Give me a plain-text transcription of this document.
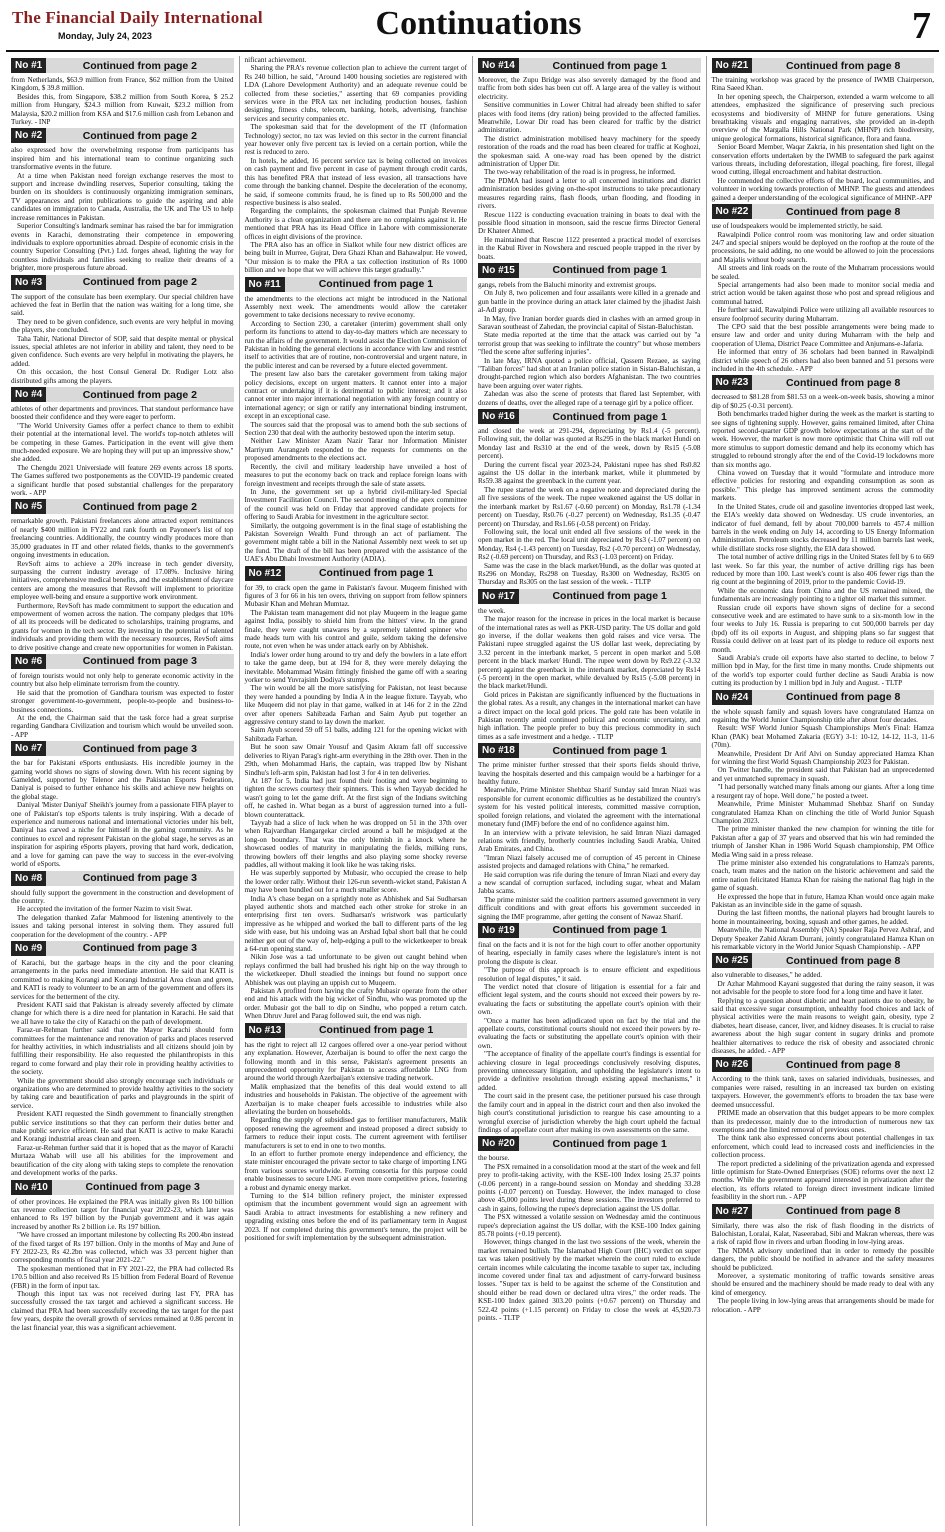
The Financial Daily International
Monday, July 24, 2023	Continuations	7
No #1	Continued from page 2

from Netherlands, $63.9 million from France, $62 million from the United Kingdom, $ 39.8 million.

Besides this, from Singapore, $38.2 million from South Korea, $ 25.2 million from Hungary, $24.3 million from Kuwait, $23.2 million from Malaysia, $20.2 million from KSA and $17.6 million cash from Lebanon and Turkey. - INP

No #2	Continued from page 2

also expressed how the overwhelming response from participants has inspired him and his international team to continue organizing such transformative events in the future.

At a time when Pakistan need foreign exchange reserves the most to support and increase dwindling reserves, Superior consulting, taking the burden on its shoulders is continuously organizing immigration seminars, TV appearances and print publications to guide the aspiring and able candidates on immigration to Canada, Australia, the UK and The US to help increase remittances in Pakistan.

Superior Consulting's landmark seminar has raised the bar for immigration events in Karachi, demonstrating their competence in empowering individuals to explore opportunities abroad. Despite of economic crisis in the country Superior Consulting (Pvt.) Ltd. forges ahead, lighting the way for countless individuals and families seeking to realize their dreams of a brighter, more prosperous future abroad.

No #3	Continued from page 2

The support of the consulate has been exemplary. Our special children have achieved the feat in Berlin that the nation was waiting for a long time, she said.

They need to be given confidence, such events are very helpful in moving the players, she concluded.

Taha Tahir, National Director of SOP, said that despite mental or physical issues, special athletes are not inferior in ability and talent, they need to be given confidence. Such events are very helpful in motivating the players, he added.

On this occasion, the host Consul General Dr. Rudiger Lotz also distributed gifts among the players.

No #4	Continued from page 2

athletes of other departments and provinces. That standout performance have boosted their confidence and they were eager to perform.

"The World University Games offer a perfect chance to them to exhibit their potential at the international level. The world's top-notch athletes will be competing in these Games. Participation in the event will give them much-needed exposure. We are hoping they will put up an impressive show," she added.

The Chengdu 2021 Universiade will feature 269 events across 18 sports. The Games suffered two postponements as the COVID-19 pandemic created a significant hurdle that posed substantial challenges for the preparatory work. - APP

No #5	Continued from page 2

remarkable growth. Pakistani freelancers alone attracted export remittances of nearly $400 million in FY22 and rank fourth on Payoneer's list of top freelancing countries. Additionally, the country windly produces more than 35,000 graduates in IT and other related fields, thanks to the government's ongoing investments in education.

RevSoft aims to achieve a 20% increase in tech gender diversity, surpassing the current industry average of 17.08%. Inclusive hiring initiatives, comprehensive medical benefits, and the establishment of daycare centers are among the measures that Revsoft will implement to prioritize employee well-being and ensure a supportive work environment.

Furthermore, RevSoft has made commitment to support the education and empowerment of women across the nation. The company pledges that 10% of all its proceeds will be dedicated to scholarships, training programs, and grants for women in the tech sector. By investing in the potential of talented individuals and providing them with the necessary resources, RevSoft aims to drive positive change and create new opportunities for women in Pakistan.

No #6	Continued from page 3

of foreign tourists would not only help to generate economic activity in the country but also help eliminate terrorism from the country.

He said that the promotion of Gandhara tourism was expected to foster stronger government-to-government, people-to-people and business-to-business connections.

At the end, the Chairman said that the task force had a great surprise regarding Gandhara Civilization and tourism which would be unveiled soon. - APP

No #7	Continued from page 3

the bar for Pakistani eSports enthusiasts. His incredible journey in the gaming world shows no signs of slowing down. With his recent signing by Gamelded, supported by Telenor and the Pakistan Esports Federation, Daniyal is poised to further enhance his skills and achieve new heights on the global stage.

Daniyal 'Mister Daniyal' Sheikh's journey from a passionate FIFA player to one of Pakistan's top eSports talents is truly inspiring. With a decade of experience and numerous national and international victories under his belt, Daniyal has carved a niche for himself in the gaming community. As he continues to excel and represent Pakistan on the global stage, he serves as an inspiration for aspiring eSports players, proving that hard work, dedication, and a love for gaming can pave the way to success in the ever-evolving world of eSports.

No #8	Continued from page 3

should fully support the government in the construction and development of the country.

He accepted the invitation of the former Nazim to visit Swat.

The delegation thanked Zafar Mahmood for listening attentively to the issues and taking personal interest in solving them. They assured full cooperation for the development of the country. - APP

No #9	Continued from page 3

of Karachi, but the garbage heaps in the city and the poor cleaning arrangements in the parks need immediate attention. He said that KATI is committed to making Korangi and Korangi Industrial Area clean and green, and KATI is ready to volunteer to be an arm of the government and offers its services for the betterment of the city.

President KATI said that Pakistan is already severely affected by climate change for which there is a dire need for plantation in Karachi. He said that we all have to take the city of Karachi on the path of development.

Faraz-ur-Rehman further said that the Mayor Karachi should form committees for the maintenance and renovation of parks and places reserved for healthy activities, in which industrialists and all citizens should join by fulfilling their responsibility. He also requested the philanthropists in this regard to come forward and play their role in providing healthy activities to the society.

While the government should also strongly encourage such individuals or organizations who are determined to provide healthy activities to the society by taking care and beautification of parks and playgrounds in the spirit of service.

President KATI requested the Sindh government to financially strengthen public service institutions so that they can perform their duties better and make public service efficient. He said that KATI is active to make Karachi and Korangi industrial areas clean and green.

Faraz-ur-Rehman further said that it is hoped that as the mayor of Karachi Murtaza Wahab will use all his abilities for the improvement and beautification of the city along with taking steps to complete the renovation and development works of the parks.

No #10	Continued from page 3

of other provinces. He explained the PRA was initially given Rs 100 billion tax revenue collection target for financial year 2022-23, which later was enhanced to Rs 197 billion by the Punjab government and it was again increased by another Rs 2 billion i.e. Rs 197 billion.

"We have crossed an important milestone by collecting Rs 200.4bn instead of the fixed target of Rs 197 billion. Only in the months of May and June of FY 2022-23, Rs 42.2bn was collected, which was 33 percent higher than corresponding months of fiscal year 2021-22."

The spokesman mentioned that in FY 2021-22, the PRA had collected Rs 170.5 billion and also received Rs 15 billion from Federal Board of Revenue (FBR) in the form of input tax.

Though this input tax was not received during last FY, PRA has successfully crossed the tax target and achieved a significant success. He claimed that PRA had been successfully exceeding the tax target for the past few years, despite the overall growth of services remained at 0.86 percent in the last financial year, this was a significant achievement.

nificant achievement.

Sharing the PRA's revenue collection plan to achieve the current target of Rs 240 billion, he said, "Around 1400 housing societies are registered with LDA (Lahore Development Authority) and an adequate revenue could be collected from these societies," asserting that 69 companies providing services were in the PRA tax net including production houses, fashion designing, fitness clubs, telecom, banking, hotels, advertising, franchise services and security companies etc.

The spokesman said that for the development of the IT (Information Technology) sector, no tax was levied on this sector in the current financial year however only five percent tax is levied on a certain portion, while the rest is reduced to zero.

In hotels, he added, 16 percent service tax is being collected on invoices on cash payment and five percent in case of payment through credit cards, this has benefited PRA that instead of less evasion, all transactions have come through the banking channel. Despite the deceleration of the economy, he said, if someone commits fraud, he is fined up to Rs 500,000 and the respective business is also sealed.

Regarding the complaints, the spokesman claimed that Punjab Revenue Authority is a clean organization and there are no complaints against it. He mentioned that PRA has its Head Office in Lahore with commissionerate offices in eight divisions of the province.

The PRA also has an office in Sialkot while four new district offices are being built in Murree, Gujrat, Dera Ghazi Khan and Bahawalpur. He vowed, "Our mission is to make the PRA a tax collection institution of Rs 1000 billion and we hope that we will achieve this target gradually."

No #11	Continued from page 1

the amendments to the elections act might be introduced in the National Assembly next week. The amendments would allow the caretaker government to take decisions necessary to revive economy.

According to Section 230, a caretaker (interim) government shall only perform its functions to attend to day-to-day matters which are necessary to run the affairs of the government. It would assist the Election Commission of Pakistan in holding the general elections in accordance with law and restrict itself to activities that are of routine, non-controversial and urgent nature, in the public interest and can be reversed by a future elected government.

The present law also bars the caretaker government from taking major policy decisions, except on urgent matters. It cannot enter into a major contract or undertaking if it is detrimental to public interest; and it also cannot enter into major international negotiation with any foreign country or international agency; or sign or ratify any international binding instrument, except in an exceptional case.

The sources said that the proposal was to amend both the sub sections of Section 230 that deal with the authority bestowed upon the interim setup.

Neither Law Minister Azam Nazir Tarar nor Information Minister Marriyum Aurangzeb responded to the requests for comments on the proposed amendments to the elections act.

Recently, the civil and military leadership have unveiled a host of measures to put the economy back on track and replace foreign loans with foreign investment and receipts through the sale of state assets.

In June, the government set up a hybrid civil-military-led Special Investment Facilitation Council. The second meeting of the apex committee of the council was held on Friday that approved candidate projects for offering to Saudi Arabia for investment in the agriculture sector.

Similarly, the outgoing government is in the final stage of establishing the Pakistan Sovereign Wealth Fund through an act of parliament. The government might table a bill in the National Assembly next week to set up the fund. The draft of the bill has been prepared with the assistance of the UAE's Abu Dhabi Investment Authority (ADIA).

No #12	Continued from page 1

for 39, to crack open the game in Pakistan's favour. Muqeem finished with figures of 3 for 66 in his ten overs, thriving on support from fellow spinners Mubasir Khan and Mehran Mumtaz.

The Pakistan team management did not play Muqeem in the league game against India, possibly to shield him from the hitters' view. In the grand finale, they were caught unawares by a supremely talented spinner who made heads turn with his control and guile, seldom taking the defensive route, not even when he was under attack early on by Abhishek.

India's lower order hung around to try and defy the bowlers in a late effort to take the game deep, but at 194 for 8, they were merely delaying the inevitable. Mohammad Wasim fittingly finished the game off with a searing yorker to send Yuvrajsinh Dodiya's stumps.

The win would be all the more satisfying for Pakistan, not least because they were handed a pounding by India A in the league fixture. Tayyab, who like Muqeem did not play in that game, walked in at 146 for 2 in the 22nd over after openers Sahibzada Farhan and Saim Ayub put together an aggressive century stand to lay down the marker.

Saim Ayub scored 59 off 51 balls, adding 121 for the opening wicket with Sahibzada Farhan.

But he soon saw Omair Yousuf and Qasim Akram fall off successive deliveries to Riyan Parag's right-arm everything in the 28th over. Then in the 29th, when Mohammad Haris, the captain, was trapped lbw by Nishant Sindhu's left-arm spin, Pakistan had lost 3 for 4 in ten deliveries.

At 187 for 5, India had just found their footing and were beginning to tighten the screws courtesy their spinners. This is when Tayyab decided he wasn't going to let the game drift. At the first sign of the Indians switching off, he cashed in. What began as a burst of aggression turned into a full-blown counterattack.

Tayyab had a slice of luck when he was dropped on 51 in the 37th over when Rajvardhan Hangargekar circled around a ball he misjudged at the long-on boundary. That was the only blemish in a knock where he showcased oodles of maturity in manipulating the fields, milking runs, throwing bowlers off their lengths and also playing some shocky reverse paddles, all without making it look like he was taking risks.

He was superbly supported by Mubasir, who occupied the crease to help the lower order rally. Without their 126-run seventh-wicket stand, Pakistan A may have been bundled out for a much smaller score.

India A's chase began on a sprightly note as Abhishek and Sai Sudharsan played authentic shots and matched each other stroke for stroke in an enterprising first ten overs. Sudharsan's wristwork was particularly impressive as he whipped and worked the ball to different parts of the leg side with ease, but his undoing was an Arshad Iqbal short ball that he could neither get out of the way of, help-edging a pull to the wicketkeeper to break a 64-run opening stand.

Nikin Jose was a tad unfortunate to be given out caught behind when replays confirmed the ball had brushed his right hip on the way through to the wicketkeeper. Dhull steadied the innings but found no support once Abhishek was out playing an uppish cut to Muqeem.

Pakistan A profited from having the crafty Mubasir operate from the other end and his attack with the big wicket of Sindhu, who was promoted up the order. Mubasir got the ball to dip on Sindhu, who popped a return catch. When Dhruv Jurel and Parag followed suit, the end was nigh.

No #13	Continued from page 1

has the right to reject all 12 cargoes offered over a one-year period without any explanation. However, Azerbaijan is bound to offer the next cargo the following month and in this sense, Pakistan's agreement presents an unprecedented opportunity for Pakistan to access affordable LNG from around the world through Azerbaijan's extensive trading network.

Malik emphasized that the benefits of this deal would extend to all industries and households in Pakistan. The objective of the agreement with Azerbaijan is to make cheaper fuels accessible to industries while also alleviating the burden on households.

Regarding the supply of subsidised gas to fertiliser manufacturers, Malik opposed renewing the agreement and instead proposed a direct subsidy to farmers to reduce their input costs. The current agreement with fertiliser manufacturers is set to end in one to two months.

In an effort to further promote energy independence and efficiency, the state minister encouraged the private sector to take charge of importing LNG from various sources worldwide. Forming consortia for this purpose could enable businesses to secure LNG at even more competitive prices, fostering a robust and dynamic energy market.

Turning to the $14 billion refinery project, the minister expressed optimism that the incumbent government would sign an agreement with Saudi Arabia to attract investments for establishing a new refinery and upgrading existing ones before the end of its parliamentary term in August 2023. If not completed during this government's tenure, the project will be positioned for swift implementation by the subsequent administration.

No #14	Continued from page 1

Moreover, the Zupu Bridge was also severely damaged by the flood and traffic from both sides has been cut off. A large area of the valley is without electricity.

Sensitive communities in Lower Chitral had already been shifted to safer places with food items (dry ration) being provided to the affected families. Meanwhile, Lowar Dir road has been cleared for traffic by the district administration.

The district administration mobilised heavy machinery for the speedy restoration of the roads and the road has been cleared for traffic at Koghozi, the spokesman said. A one-way road has been opened by the district administration of Upper Dir.

The two-way rehabilitation of the road is in progress, he informed.

The PDMA had issued a letter to all concerned institutions and district administration besides giving on-the-spot instructions to take precautionary measures regarding rains, flash floods, urban flooding, and flooding in rivers.

Rescue 1122 is conducting evacuation training in boats to deal with the possible flood situation in monsoon, said the rescue firms Director General Dr Khateer Ahmed.

He maintained that Rescue 1122 presented a practical model of exercises in the Kabul River in Nowshera and rescued people trapped in the river by boats.

No #15	Continued from page 1

gangs, rebels from the Baluchi minority and extremist groups.

On July 8, two policemen and four assailants were killed in a grenade and gun battle in the province during an attack later claimed by the jihadist Jaish al-Adl group.

In May, five Iranian border guards died in clashes with an armed group in Saravan southeast of Zahedan, the provincial capital of Sistan-Baluchistan.

State media reported at the time that the attack was carried out by "a terrorist group that was seeking to infiltrate the country" but whose members "fled the scene after suffering injuries".

In late May, IRNA quoted a police official, Qassem Rezaee, as saying "Taliban forces" had shot at an Iranian police station in Sistan-Baluchistan, a drought-parched region which also borders Afghanistan. The two countries have been arguing over water rights.

Zahedan was also the scene of protests that flared last September, with dozens of deaths, over the alleged rape of a teenage girl by a police officer.

No #16	Continued from page 1

and closed the week at 291-294, depreciating by Rs1.4 (-5 percent). Following suit, the dollar was quoted at Rs295 in the black market Hundi on Monday last and Rs310 at the end of the week, down by Rs15 (-5.08 percent).

During the current fiscal year 2023-24, Pakistani rupee has shed Rs0.82 against the US dollar in the interbank market, while it plummeted by Rs59.38 against the greenback in the current year.

The rupee started the week on a negative note and depreciated during the all five sessions of the week. The rupee weakened against the US dollar in the interbank market by Rs1.67 (-0.60 percent) on Monday, Rs1.78 (-1.34 percent) on Tuesday, Rs0.76 (-0.27 percent) on Wednesday, Rs1.35 (-0.47 percent) on Thursday, and Rs1.66 (-0.58 percent) on Friday.

Following suit, the local unit ended all five sessions of the week in the open market in the red. The local unit depreciated by Rs3 (-1.07 percent) on Monday, Rs4 (-1.43 percent) on Tuesday, Rs2 (-0.70 percent) on Wednesday, Rs2 (-0.69 percent) on Thursday, and Rs3 (-1.03 percent) on Friday.

Same was the case in the black market/Hundi, as the dollar was quoted at Rs296 on Monday, Rs298 on Tuesday, Rs300 on Wednesday, Rs305 on Thursday and Rs305 on the last session of the week. - TLTP

No #17	Continued from page 1

the week.

The major reason for the increase in prices in the local market is because of the international rates as well as PKR-USD parity. The US dollar and gold go inverse, if the dollar weakens then gold raises and vice versa. The Pakistani rupee struggled against the US dollar last week, depreciating by 3.32 percent in the interbank market, 5 percent in open market and 5.08 percent in the black market/ Hundi. The rupee went down by Rs9.22 (-3.32 percent) against the greenback in the interbank market, depreciated by Rs14 (-5 percent) in the open market, while devalued by Rs15 (-5.08 percent) in the black market/Hundi.

Gold prices in Pakistan are significantly influenced by the fluctuations in the global rates. As a result, any changes in the international market can have a direct impact on the local gold prices. The gold rate has been volatile in Pakistan recently amid continued political and economic uncertainty, and high inflation. The people prefer to buy this precious commodity in such times as a safe investment and a hedge. - TLTP

No #18	Continued from page 1

The prime minister further stressed that their sports fields should thrive, leaving the hospitals deserted and this campaign would be a harbinger for a healthy future.

Meanwhile, Prime Minister Shehbaz Sharif Sunday said Imran Niazi was responsible for current economic difficulties as he destabilized the country's system for his vested political interests, committed massive corruption, spoiled foreign relations, and violated the agreement with the international monetary fund (IMF) before the end of no confidence against him.

In an interview with a private television, he said Imran Niazi damaged relations with friendly, brotherly countries including Saudi Arabia, United Arab Emirates, and China.

"Imran Niazi falsely accused me of corruption of 45 percent in Chinese assisted projects and damaged relations with China," he remarked.

He said corruption was rife during the tenure of Imran Niazi and every day a new scandal of corruption surfaced, including sugar, wheat and Malam Jabba scams.

The prime minister said the coalition partners assumed government in very difficult conditions and with great efforts his government succeeded in signing the IMF programme, after getting the consent of Nawaz Sharif.

No #19	Continued from page 1

final on the facts and it is not for the high court to offer another opportunity of hearing, especially in family cases where the legislature's intent is not prolong the dispute is clear.

"The purpose of this approach is to ensure efficient and expeditious resolution of legal disputes," it said.

The verdict noted that closure of litigation is essential for a fair and efficient legal system, and the courts should not exceed their powers by re-evaluating the facts or substituting the appellate court's opinion with their own.

"Once a matter has been adjudicated upon on fact by the trial and the appellate courts, constitutional courts should not exceed their powers by re-evaluating the facts or substituting the appellate court's opinion with their own.

"The acceptance of finality of the appellate court's findings is essential for achieving closure in legal proceedings conclusively resolving disputes, preventing unnecessary litigation, and upholding the legislature's intent to provide a definitive resolution through existing appeal mechanisms," it added.

The court said in the present case, the petitioner pursued his case through the family court and in appeal in the district court and then also invoked the high court's constitutional jurisdiction to reargue his case amounting to a wrongful exercise of jurisdiction whereby the high court upheld the factual findings of appellate court after making its own assessments on the same.

No #20	Continued from page 1

the bourse.

The PSX remained in a consolidation mood at the start of the week and fell prey to profit-taking activity, with the KSE-100 Index losing 25.37 points (-0.06 percent) in a range-bound session on Monday and shedding 33.28 points (-0.07 percent) on Tuesday. However, the index managed to close above 45,000 points level during these sessions. The investors preferred to cash in gains, following the rupee's depreciation against the US dollar.

The PSX witnessed a volatile session on Wednesday amid the continuous rupee's depreciation against the US dollar, with the KSE-100 Index gaining 85.78 points (+0.19 percent).

However, things changed in the last two sessions of the week, wherein the market remained bullish. The Islamabad High Court (IHC) verdict on super tax was taken positively by the market wherein the court ruled to exclude certain incomes while calculating the income taxable to super tax, including income covered under final tax and adjustment of carry-forward business losses. "Super tax is held to be against the scheme of the Constitution and should either be read down or declared ultra vires," the order reads. The KSE-100 Index gained 303.20 points (+0.67 percent) on Thursday and 522.42 points (+1.15 percent) on Friday to close the week at 45,920.73 points. - TLTP

No #21	Continued from page 8

The training workshop was graced by the presence of IWMB Chairperson, Rina Saeed Khan.

In her opening speech, the Chairperson, extended a warm welcome to all attendees, emphasized the significance of preserving such precious ecosystems and biodiversity of MHNP for future generations. Using breathtaking visuals and engaging narratives, she provided an in-depth overview of the Margalla Hills National Park (MHNP) rich biodiversity, unique geological formations, historical significance, flora and fauna.

Senior Board Member, Waqar Zakria, in his presentation shed light on the conservation efforts undertaken by the IWMB to safeguard the park against various threats, including deforestation, illegal poaching, fire forest, illegal wood cutting, illegal encroachment and habitat destruction.

He commended the collective efforts of the board, local communities, and volunteer in working towards protection of MHNP. The guests and attendees gained a deeper understanding of the ecological significance of MHNP.-APP

No #22	Continued from page 8

use of loudspeakers would be implemented strictly, he said.

Rawalpindi Police control room was monitoring law and order situation 24/7 and special snipers would be deployed on the rooftop at the route of the processions, he said adding, no one would be allowed to join the processions and Majalis without body search.

All streets and link roads on the route of the Muharram processions would be sealed.

Special arrangements had also been made to monitor social media and strict action would be taken against those who post and spread religious and communal hatred.

He further said, Rawalpindi Police were utilizing all available resources to ensure foolproof security during Muharram.

The CPO said that the best possible arrangements were being made to ensure law and order and unity during Muharram with the help and cooperation of Ulema, District Peace Committee and Anjumans-e-Jafaria.

He informed that entry of 36 scholars had been banned in Rawalpindi district while speech of 26 others had also been banned and 51 persons were included in the 4th schedule. - APP

No #23	Continued from page 8

decreased to $81.28 from $81.53 on a week-on-week basis, showing a minor dip of $0.25 (-0.31 percent).

Both benchmarks traded higher during the week as the market is starting to see signs of tightening supply. However, gains remained limited, after China reported second-quarter GDP growth below expectations at the start of the week. However, the market is now more optimistic that China will roll out more stimulus to support domestic demand and help its economy which has struggled to rebound strongly after the end of the Covid-19 lockdowns more than six months ago.

China vowed on Tuesday that it would "formulate and introduce more effective policies for restoring and expanding consumption as soon as possible." This pledge has improved sentiment across the commodity markets.

In the United States, crude oil and gasoline inventories dropped last week, the EIA's weekly data showed on Wednesday. US crude inventories, an indicator of fuel demand, fell by about 700,000 barrels to 457.4 million barrels in the week ending on July 14, according to US Energy Information Administration. Petroleum stocks decreased by 11 million barrels last week, while distillate stocks rose slightly, the EIA data showed.

The total number of active drilling rigs in the United States fell by 6 to 669 last week. So far this year, the number of active drilling rigs has been reduced by more than 100. Last week's count is also 406 fewer rigs than the rig count at the beginning of 2019, prior to the pandemic Covid-19.

While the economic data from China and the US remained mixed, the fundamentals are increasingly pointing to a tighter oil market this summer.

Russian crude oil exports have shown signs of decline for a second consecutive week and are estimated to have sunk to a six-month low in the four weeks to July 16. Russia is preparing to cut 500,000 barrels per day (bpd) off its oil exports in August, and shipping plans so far suggest that Russia could deliver on at least part of its pledge to reduce oil exports next month.

Saudi Arabia's crude oil exports have also started to decline, to below 7 million bpd in May, for the first time in many months. Crude shipments out of the world's top exporter could further decline as Saudi Arabia is now cutting its production by 1 million bpd in July and August. - TLTP

No #24	Continued from page 8

the whole squash family and squash lovers have congratulated Hamza on regaining the World Junior Championship title after about four decades.

Result: WSF World Junior Squash Championships Men's Final: Hamza Khan (PAK) beat Mohamed Zakaria (EGY) 3-1: 10-12, 14-12, 11-3, 11-6 (70m).

Meanwhile, President Dr Arif Alvi on Sunday appreciated Hamza Khan for winning the first World Squash Championship 2023 for Pakistan.

On Twitter handle, the president said that Pakistan had an unprecedented and yet unmatched supremacy in squash.

"I had personally watched many finals among our giants. After a long time a resurgent ray of hope. Well done," he posted a tweet.

Meanwhile, Prime Minister Muhammad Shehbaz Sharif on Sunday congratulated Hamza Khan on clinching the title of World Junior Squash Champion 2023.

The prime minister thanked the new champion for winning the title for Pakistan after a gap of 37 years and observed that his win had reminded the triumph of Jansher Khan in 1986 World Squash championship, PM Office Media Wing said in a press release.

The prime minister also extended his congratulations to Hamza's parents, coach, team mates and the nation on the historic achievement and said the entire nation felicitated Hamza Khan for raising the national flag high in the game of squash.

He expressed the hope that in future, Hamza Khan would once again make Pakistan as an invincible side in the game of squash.

During the last fifteen months, the national players had brought laurels to home in mountaineering, boxing, squash and other games, he added.

Meanwhile, the National Assembly (NA) Speaker Raja Pervez Ashraf, and Deputy Speaker Zahid Akram Durrani, jointly congratulated Hamza Khan on his remarkable victory in the World Junior Squash Championship. - APP

No #25	Continued from page 8

also vulnerable to diseases," he added.

Dr Azhar Mahmood Kayani suggested that during the rainy season, it was not advisable for the people to store food for a long time and have it later.

Replying to a question about diabetic and heart patients due to obesity, he said that excessive sugar consumption, unhealthy food choices and lack of physical activities were the main reasons to weight gain, obesity, type 2 diabetes, heart disease, cancer, liver, and kidney diseases. It is crucial to raise awareness about the high sugar content in sugary drinks and promote healthier alternatives to reduce the risk of obesity and associated chronic diseases, he added. - APP

No #26	Continued from page 8

According to the think tank, taxes on salaried individuals, businesses, and companies were raised, resulting in an increased tax burden on existing taxpayers. However, the government's efforts to broaden the tax base were deemed unsuccessful.

PRIME made an observation that this budget appears to be more complex than its predecessor, mainly due to the introduction of numerous new tax exemptions and the limited removal of previous ones.

The think tank also expressed concerns about potential challenges in tax enforcement, which could lead to increased costs and inefficiencies in the collection process.

The report predicted a sidelining of the privatization agenda and expressed little optimism for State-Owned Enterprises (SOE) reforms over the next 12 months. While the government appeared interested in privatization after the election, its efforts related to foreign direct investment indicate limited feasibility in the short run. - APP

No #27	Continued from page 8

Similarly, there was also the risk of flash flooding in the districts of Balochistan, Loralai, Kalat, Naseerabad, Sibi and Makran whereas, there was a risk of rapid flow in rivers and urban flooding in low-lying areas.

The NDMA advisory underlined that in order to remedy the possible dangers, the public should be notified in advance and the safety measures should be publicized.

Moreover, a systematic monitoring of traffic towards sensitive areas should be ensured and the machinery should be made ready to deal with any kind of emergency.

The people living in low-lying areas that arrangements should be made for relocation. - APP
